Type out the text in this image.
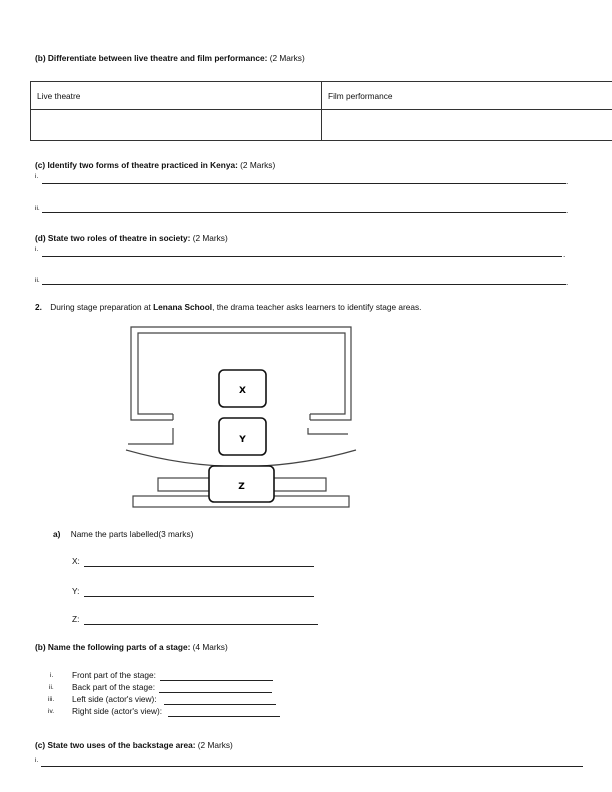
(b) Differentiate between live theatre and film performance: (2 Marks)
Live theatre	Film performance

(c) Identify two forms of theatre practiced in Kenya: (2 Marks)
i.	.
ii.	.
(d) State two roles of theatre in society: (2 Marks)
i.	.
ii.	.
2. During stage preparation at Lenana School, the drama teacher asks learners to identify stage areas.
X
Y
Z
a) Name the parts labelled(3 marks)
X:
Y:
Z:
(b) Name the following parts of a stage: (4 Marks)
i. Front part of the stage:
ii. Back part of the stage:
iii. Left side (actor's view):
iv. Right side (actor's view):
(c) State two uses of the backstage area: (2 Marks)
i.
